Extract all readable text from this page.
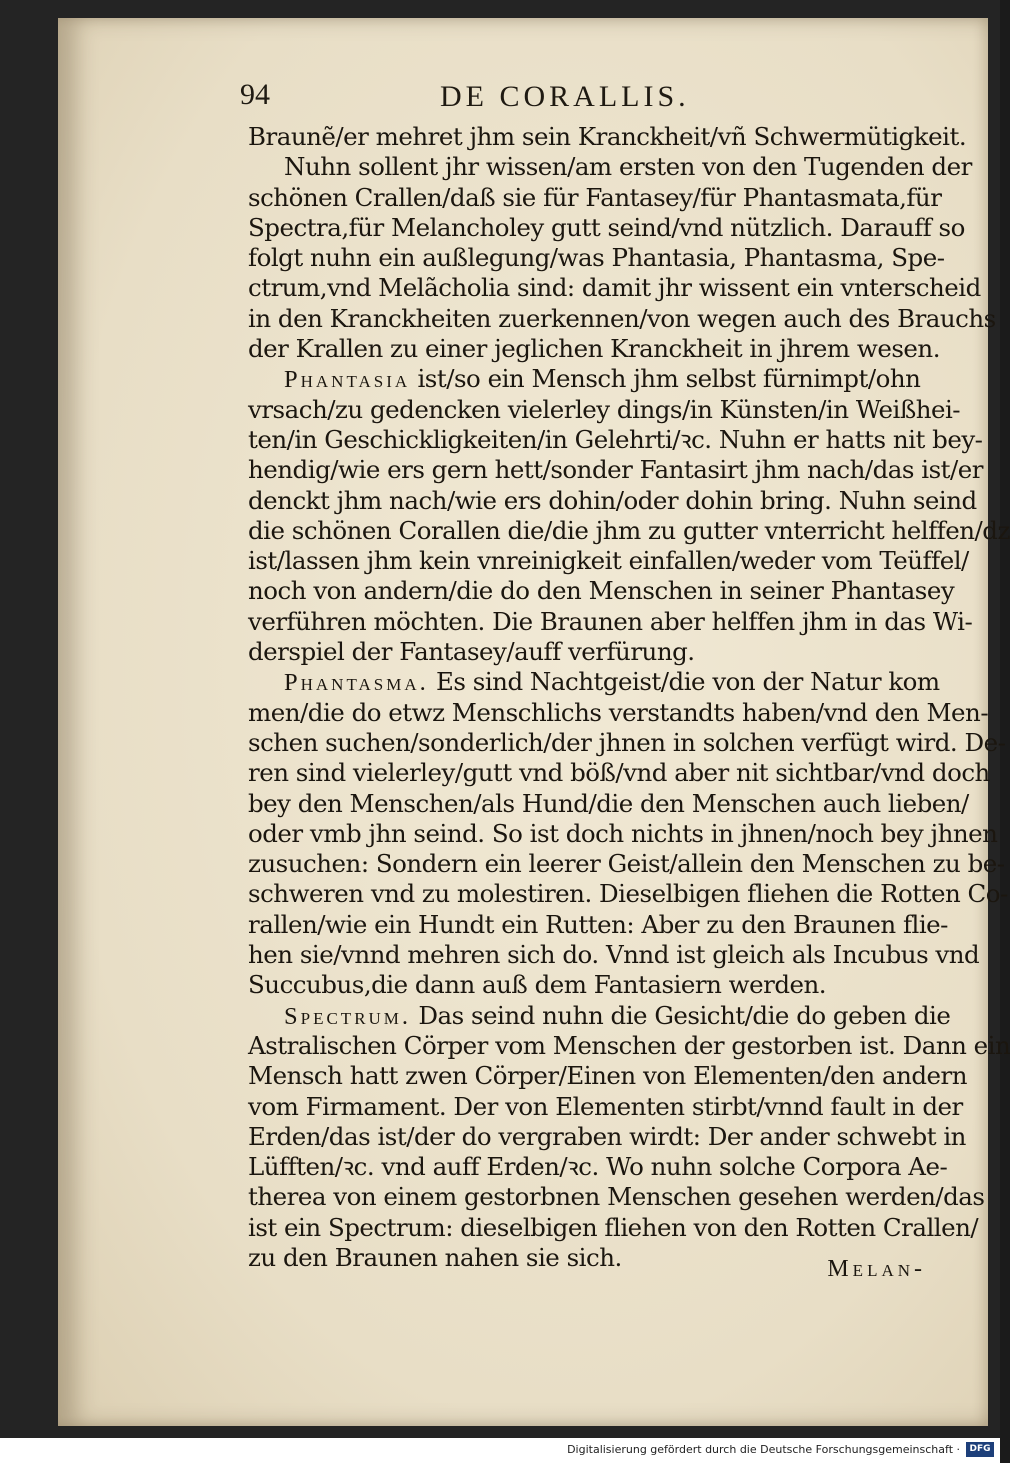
94	DE CORALLIS.
Braunẽ/er mehret jhm sein Kranckheit/vñ Schwermütigkeit.
Nuhn sollent jhr wissen/am ersten von den Tugenden der
schönen Crallen/daß sie für Fantasey/für Phantasmata,für
Spectra,für Melancholey gutt seind/vnd nützlich. Darauff so
folgt nuhn ein außlegung/was Phantasia, Phantasma, Spe-
ctrum,vnd Melãcholia sind: damit jhr wissent ein vnterscheid
in den Kranckheiten zuerkennen/von wegen auch des Brauchs
der Krallen zu einer jeglichen Kranckheit in jhrem wesen.
Phantasia ist/so ein Mensch jhm selbst fürnimpt/ohn
vrsach/zu gedencken vielerley dings/in Künsten/in Weißhei-
ten/in Geschickligkeiten/in Gelehrti/ꝛc. Nuhn er hatts nit bey-
hendig/wie ers gern hett/sonder Fantasirt jhm nach/das ist/er
denckt jhm nach/wie ers dohin/oder dohin bring. Nuhn seind
die schönen Corallen die/die jhm zu gutter vnterricht helffen/dz
ist/lassen jhm kein vnreinigkeit einfallen/weder vom Teüffel/
noch von andern/die do den Menschen in seiner Phantasey
verführen möchten. Die Braunen aber helffen jhm in das Wi-
derspiel der Fantasey/auff verfürung.
Phantasma. Es sind Nachtgeist/die von der Natur kom
men/die do etwz Menschlichs verstandts haben/vnd den Men-
schen suchen/sonderlich/der jhnen in solchen verfügt wird. De-
ren sind vielerley/gutt vnd böß/vnd aber nit sichtbar/vnd doch
bey den Menschen/als Hund/die den Menschen auch lieben/
oder vmb jhn seind. So ist doch nichts in jhnen/noch bey jhnen
zusuchen: Sondern ein leerer Geist/allein den Menschen zu be-
schweren vnd zu molestiren. Dieselbigen fliehen die Rotten Co-
rallen/wie ein Hundt ein Rutten: Aber zu den Braunen flie-
hen sie/vnnd mehren sich do. Vnnd ist gleich als Incubus vnd
Succubus,die dann auß dem Fantasiern werden.
Spectrum. Das seind nuhn die Gesicht/die do geben die
Astralischen Cörper vom Menschen der gestorben ist. Dann ein
Mensch hatt zwen Cörper/Einen von Elementen/den andern
vom Firmament. Der von Elementen stirbt/vnnd fault in der
Erden/das ist/der do vergraben wirdt: Der ander schwebt in
Lüfften/ꝛc. vnd auff Erden/ꝛc. Wo nuhn solche Corpora Ae-
therea von einem gestorbnen Menschen gesehen werden/das
ist ein Spectrum: dieselbigen fliehen von den Rotten Crallen/
zu den Braunen nahen sie sich.	Melan-
Digitalisierung gefördert durch die Deutsche Forschungsgemeinschaft ·	DFG
